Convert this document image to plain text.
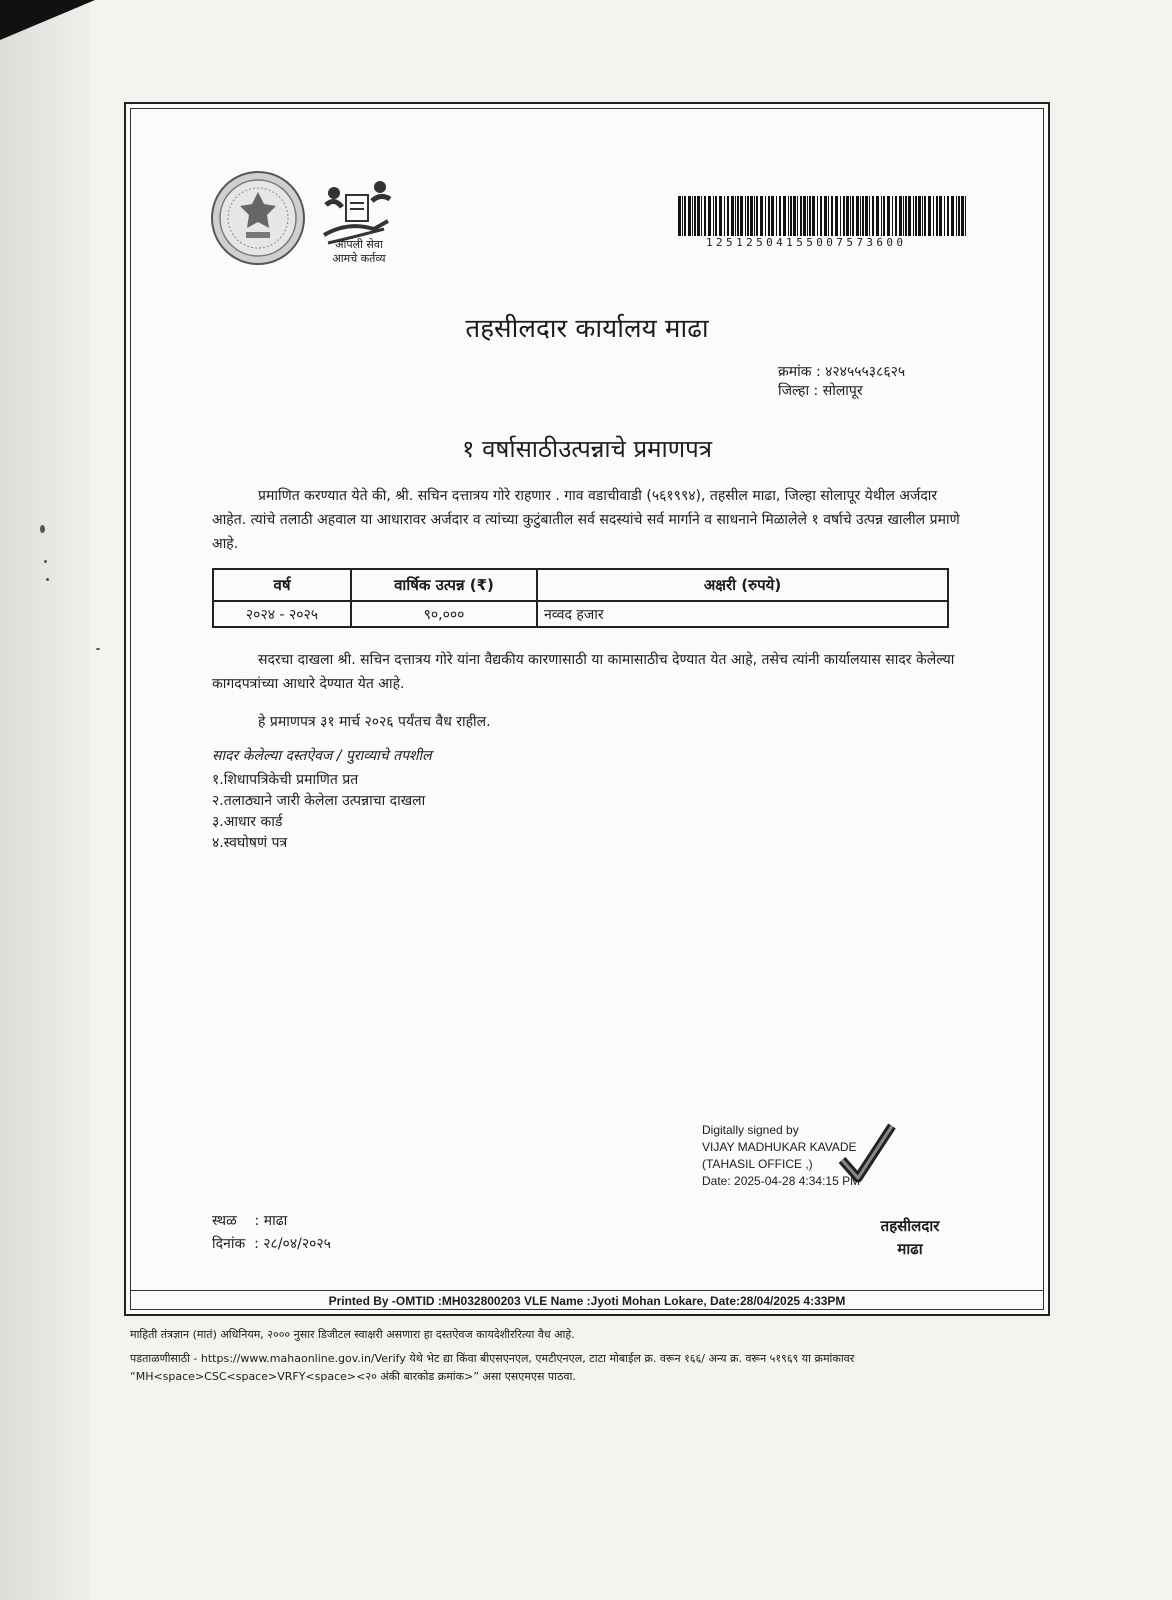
आपली सेवा
आमचे कर्तव्य
12512504155007573600
तहसीलदार कार्यालय माढा
क्रमांक : ४२४५५५३८६२५
जिल्हा : सोलापूर
१ वर्षासाठीउत्पन्नाचे प्रमाणपत्र
प्रमाणित करण्यात येते की, श्री. सचिन दत्तात्रय गोरे राहणार . गाव वडाचीवाडी (५६१९९४), तहसील माढा, जिल्हा सोलापूर येथील अर्जदार आहेत. त्यांचे तलाठी अहवाल या आधारावर अर्जदार व त्यांच्या कुटुंबातील सर्व सदस्यांचे सर्व मार्गाने व साधनाने मिळालेले १ वर्षाचे उत्पन्न खालील प्रमाणे आहे.
वर्ष	वार्षिक उत्पन्न (₹)	अक्षरी (रुपये)
२०२४ - २०२५	९०,०००	नव्वद हजार
सदरचा दाखला श्री. सचिन दत्तात्रय गोरे यांना वैद्यकीय कारणासाठी या कामासाठीच देण्यात येत आहे, तसेच त्यांनी कार्यालयास सादर केलेल्या कागदपत्रांच्या आधारे देण्यात येत आहे.
हे प्रमाणपत्र ३१ मार्च २०२६ पर्यंतच वैध राहील.
सादर केलेल्या दस्तऐवज / पुराव्याचे तपशील
१.शिधापत्रिकेची प्रमाणित प्रत
२.तलाठ्याने जारी केलेला उत्पन्नाचा दाखला
३.आधार कार्ड
४.स्वघोषणं पत्र
Digitally signed by
VIJAY MADHUKAR KAVADE
(TAHASIL OFFICE ,)
Date: 2025-04-28 4:34:15 PM
स्थळ    : माढा
दिनांक  : २८/०४/२०२५
तहसीलदार
माढा
Printed By -OMTID :MH032800203 VLE Name :Jyoti Mohan Lokare, Date:28/04/2025 4:33PM
माहिती तंत्रज्ञान (मातं) अधिनियम, २००० नुसार डिजीटल स्वाक्षरी असणारा हा दस्तऐवज कायदेशीररित्या वैध आहे.
पडताळणीसाठी - https://www.mahaonline.gov.in/Verify येथे भेट द्या किंवा बीएसएनएल, एमटीएनएल, टाटा मोबाईल क्र. वरून १६६/ अन्य क्र. वरून ५१९६९ या क्रमांकावर
“MH<space>CSC<space>VRFY<space><२० अंकी बारकोड क्रमांक>” असा एसएमएस पाठवा.
